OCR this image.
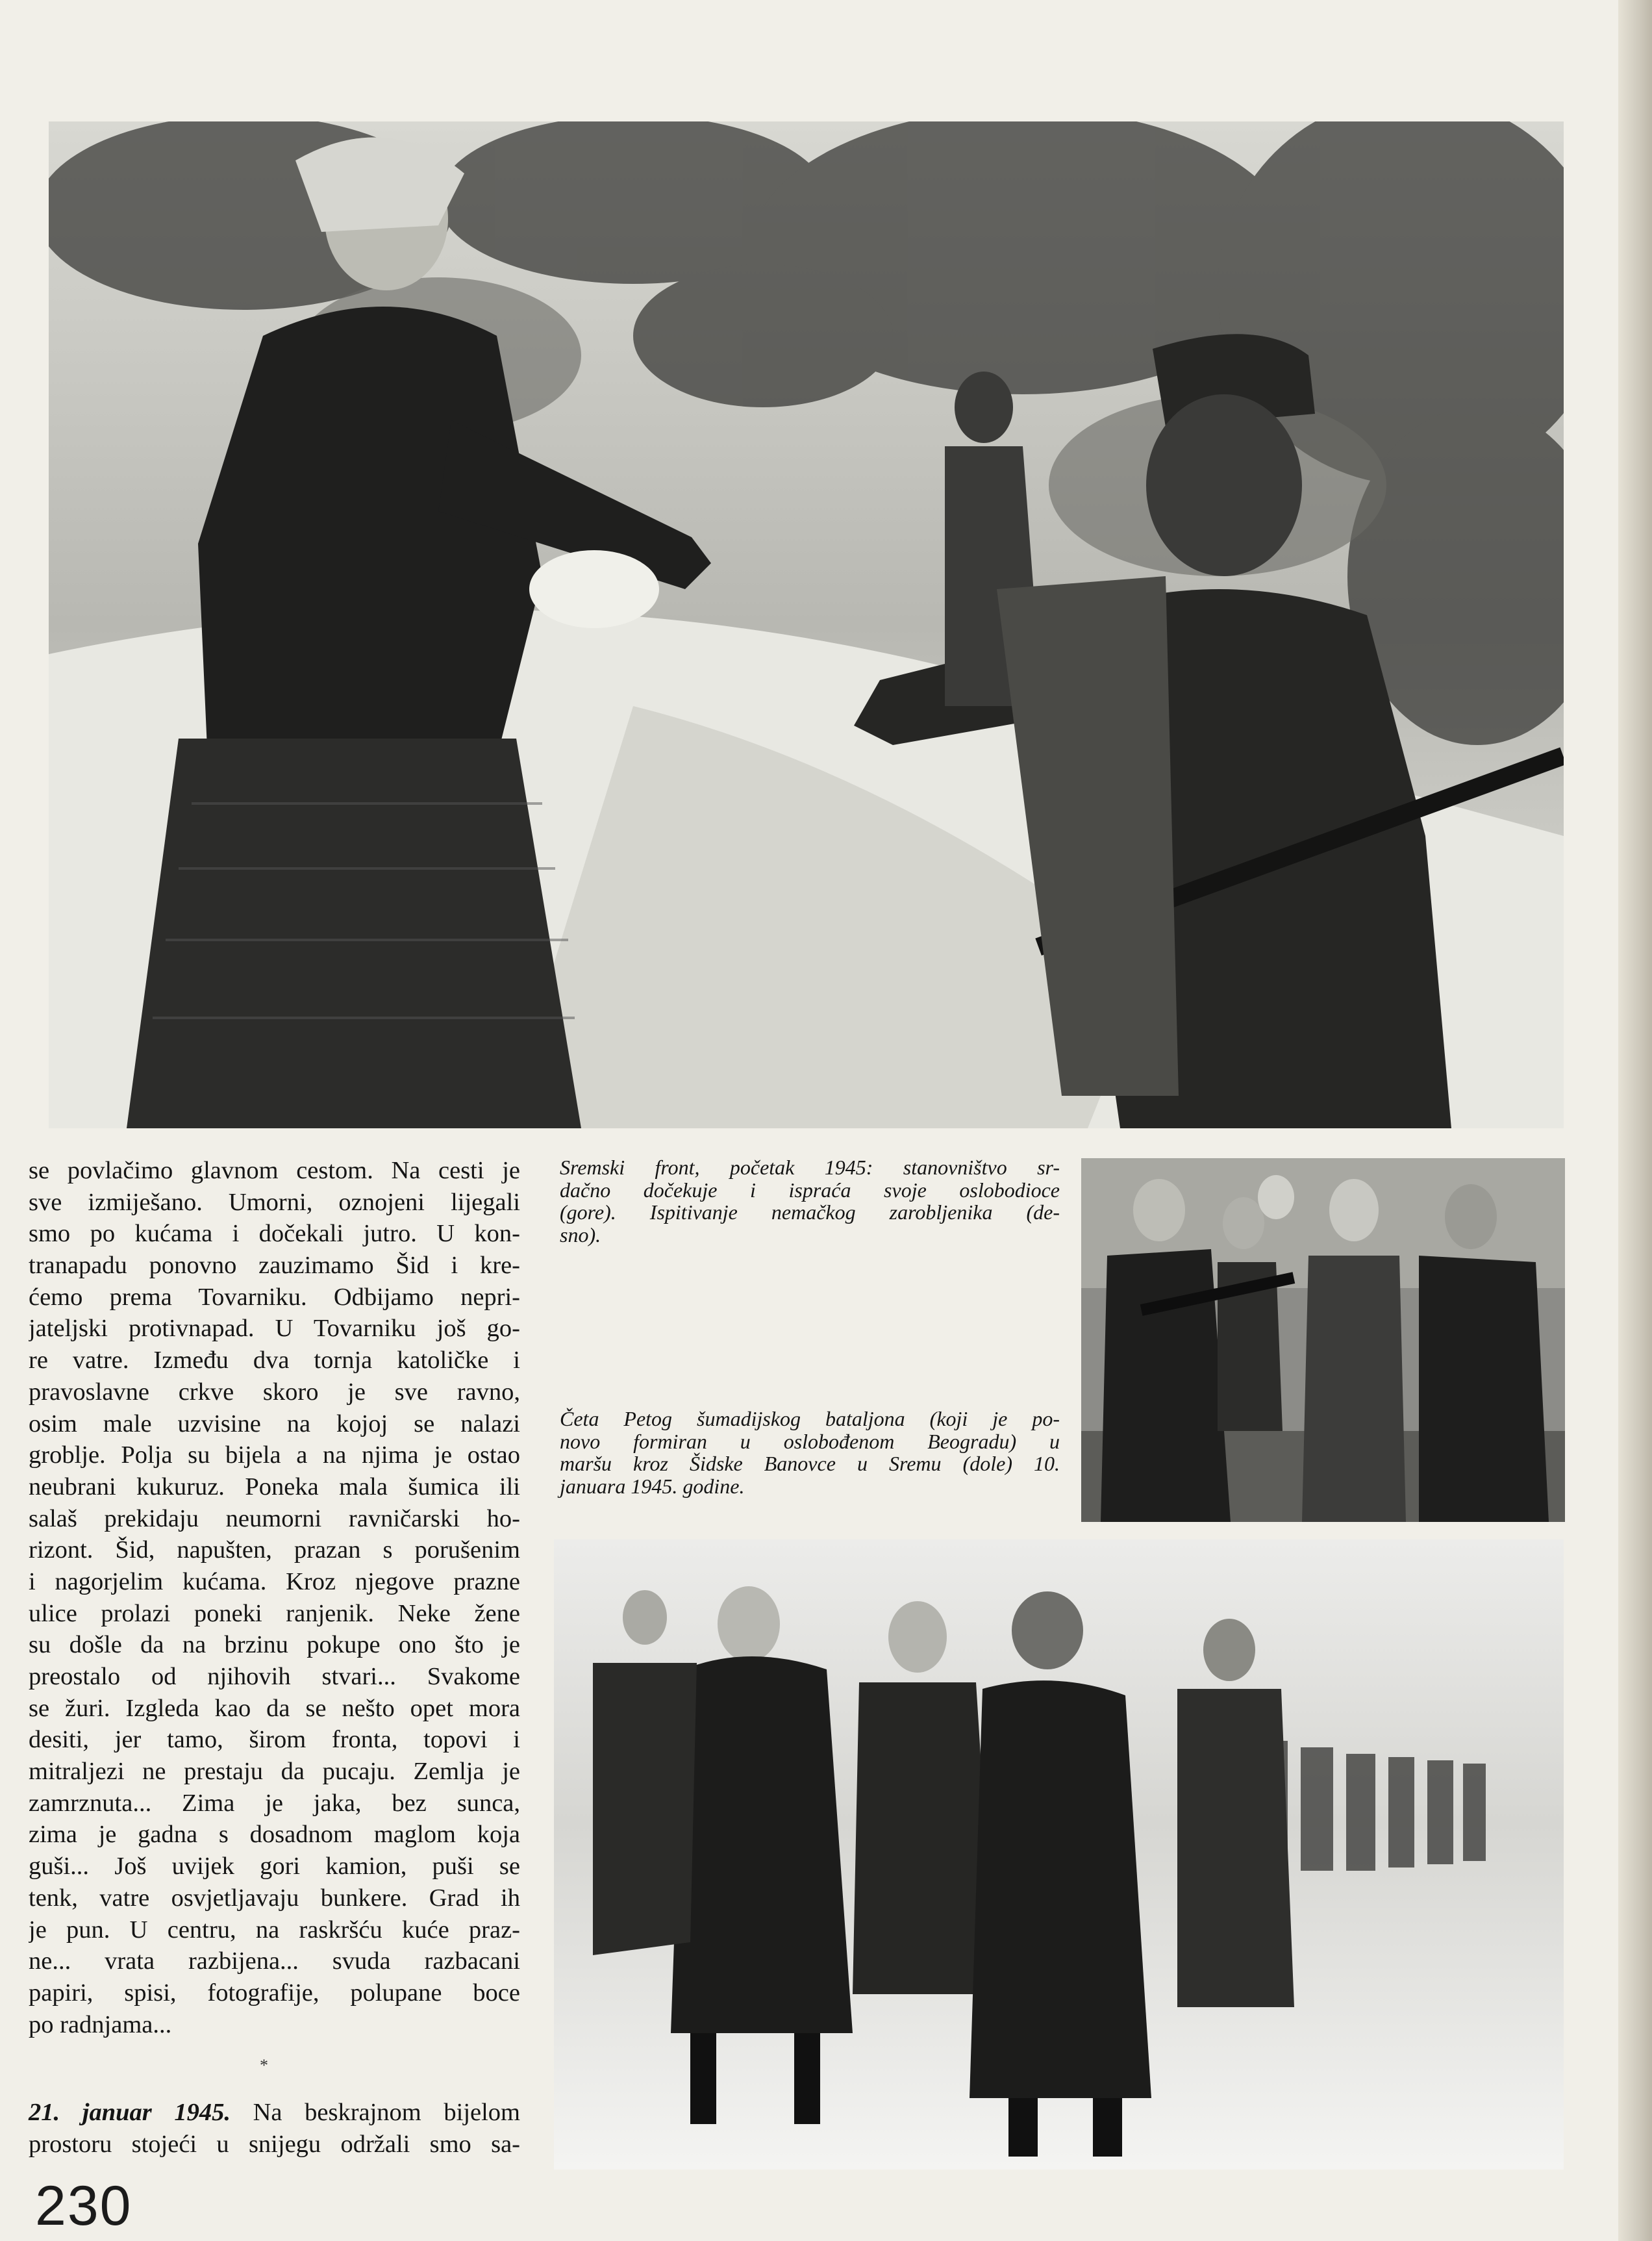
se povlačimo glavnom cestom. Na cesti je
sve izmiješano. Umorni, oznojeni lijegali
smo po kućama i dočekali jutro. U kon-
tranapadu ponovno zauzimamo Šid i kre-
ćemo prema Tovarniku. Odbijamo nepri-
jateljski protivnapad. U Tovarniku još go-
re vatre. Između dva tornja katoličke i
pravoslavne crkve skoro je sve ravno,
osim male uzvisine na kojoj se nalazi
groblje. Polja su bijela a na njima je ostao
neubrani kukuruz. Poneka mala šumica ili
salaš prekidaju neumorni ravničarski ho-
rizont. Šid, napušten, prazan s porušenim
i nagorjelim kućama. Kroz njegove prazne
ulice prolazi poneki ranjenik. Neke žene
su došle da na brzinu pokupe ono što je
preostalo od njihovih stvari... Svakome
se žuri. Izgleda kao da se nešto opet mora
desiti, jer tamo, širom fronta, topovi i
mitraljezi ne prestaju da pucaju. Zemlja je
zamrznuta... Zima je jaka, bez sunca,
zima je gadna s dosadnom maglom koja
guši... Još uvijek gori kamion, puši se
tenk, vatre osvjetljavaju bunkere. Grad ih
je pun. U centru, na raskršću kuće praz-
ne... vrata razbijena... svuda razbacani
papiri, spisi, fotografije, polupane boce
po radnjama...
*
21. januar 1945. Na beskrajnom bijelom
prostoru stojeći u snijegu održali smo sa-
Sremski front, početak 1945: stanovništvo sr-
dačno dočekuje i ispraća svoje oslobodioce
(gore). Ispitivanje nemačkog zarobljenika (de-
sno).
Četa Petog šumadijskog bataljona (koji je po-
novo formiran u oslobođenom Beogradu) u
maršu kroz Šidske Banovce u Sremu (dole) 10.
januara 1945. godine.
230
